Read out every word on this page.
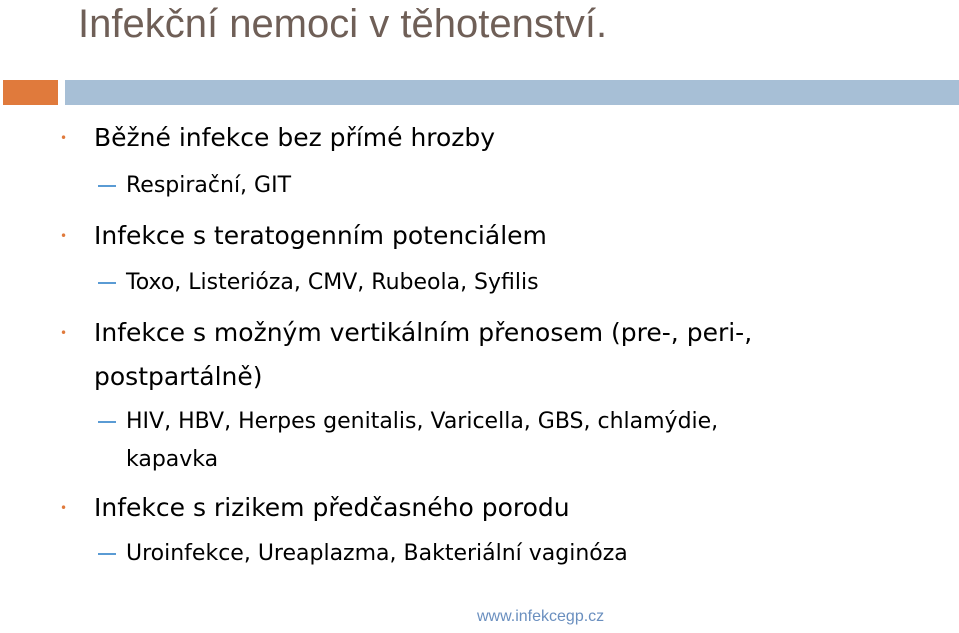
Infekční nemoci v těhotenství.
• Běžné infekce bez přímé hrozby
Respirační, GIT
• Infekce s teratogenním potenciálem
Toxo, Listerióza, CMV, Rubeola, Syfilis
• Infekce s možným vertikálním přenosem (pre-, peri-,
postpartálně)
HIV, HBV, Herpes genitalis, Varicella, GBS, chlamýdie,
kapavka
• Infekce s rizikem předčasného porodu
Uroinfekce, Ureaplazma, Bakteriální vaginóza
www.infekcegp.cz
